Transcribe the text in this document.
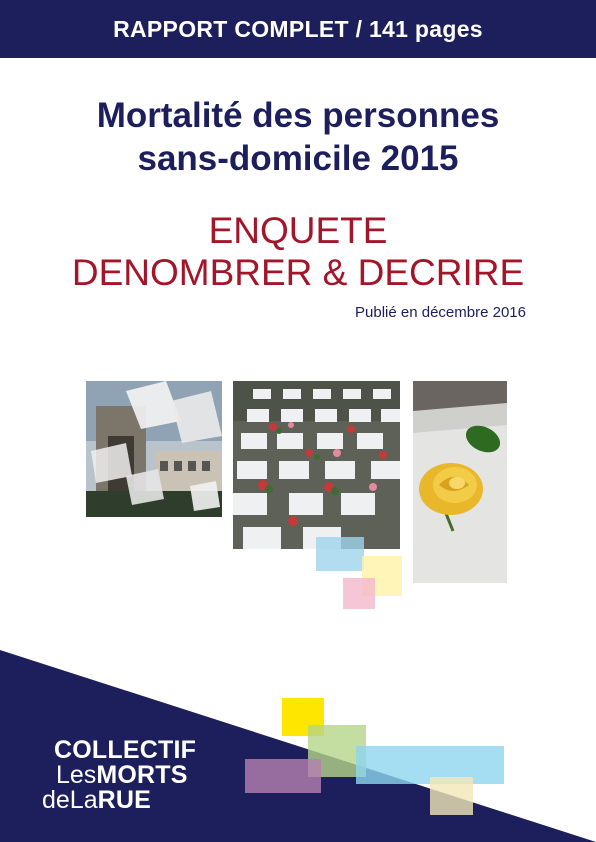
RAPPORT COMPLET / 141 pages
Mortalité des personnes
sans-domicile 2015
ENQUETE
DENOMBRER & DECRIRE
Publié en décembre 2016
COLLECTIF
Les MORTS
deLa RUE
